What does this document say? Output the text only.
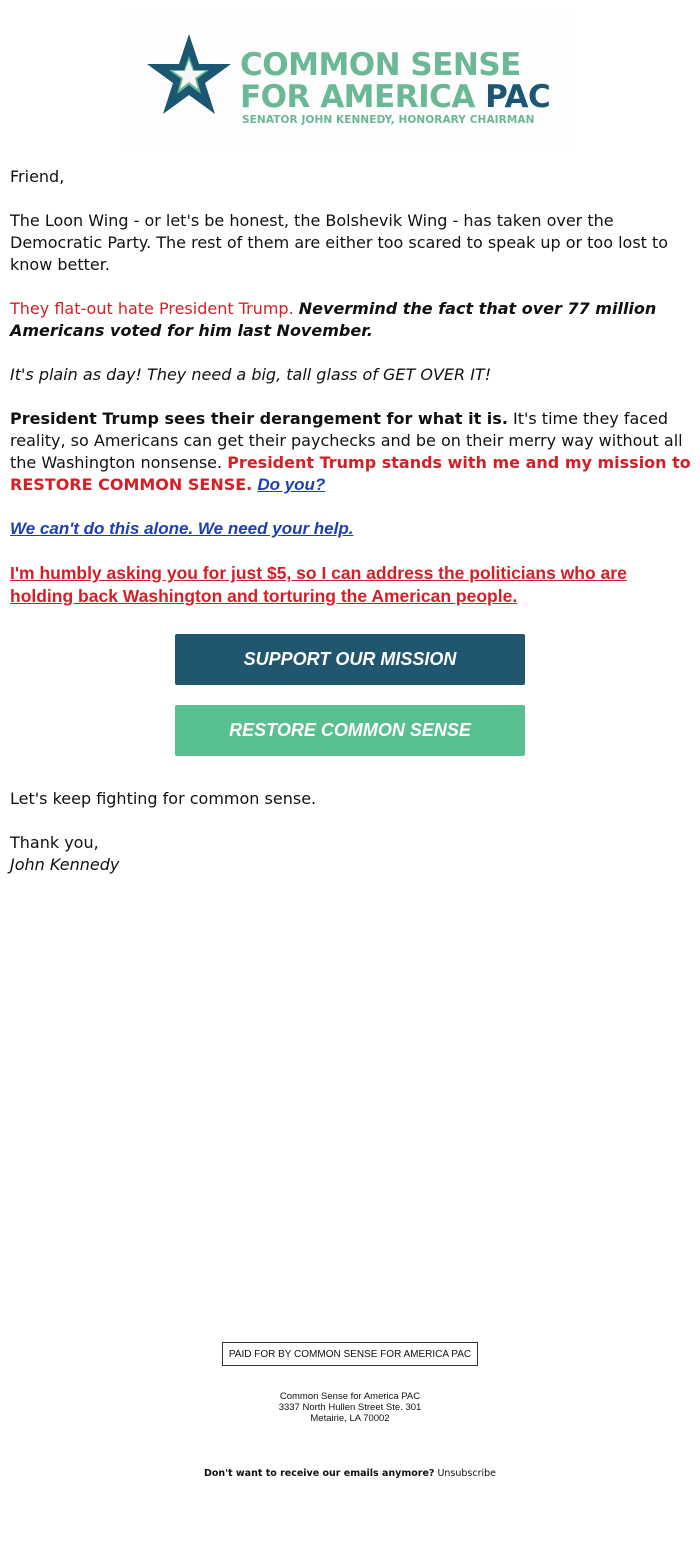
COMMON SENSE
FOR AMERICA PAC
SENATOR JOHN KENNEDY, HONORARY CHAIRMAN

Friend,

The Loon Wing - or let's be honest, the Bolshevik Wing - has taken over the Democratic Party. The rest of them are either too scared to speak up or too lost to know better.

They flat-out hate President Trump. Nevermind the fact that over 77 million Americans voted for him last November.

It's plain as day! They need a big, tall glass of GET OVER IT!

President Trump sees their derangement for what it is. It's time they faced reality, so Americans can get their paychecks and be on their merry way without all the Washington nonsense. President Trump stands with me and my mission to RESTORE COMMON SENSE. Do you?

We can't do this alone. We need your help.

I'm humbly asking you for just $5, so I can address the politicians who are holding back Washington and torturing the American people.

SUPPORT OUR MISSION
RESTORE COMMON SENSE

Let's keep fighting for common sense.

Thank you,
John Kennedy
PAID FOR BY COMMON SENSE FOR AMERICA PAC
Common Sense for America PAC
3337 North Hullen Street Ste. 301
Metairie, LA 70002
Don't want to receive our emails anymore? Unsubscribe
